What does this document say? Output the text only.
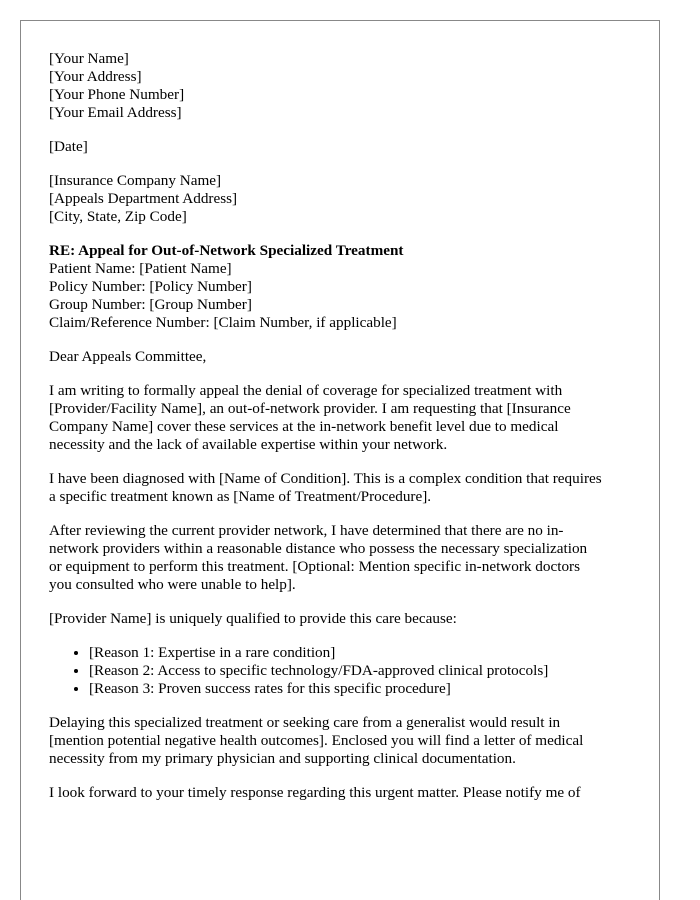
[Your Name]
[Your Address]
[Your Phone Number]
[Your Email Address]
[Date]
[Insurance Company Name]
[Appeals Department Address]
[City, State, Zip Code]
RE: Appeal for Out-of-Network Specialized Treatment
Patient Name: [Patient Name]
Policy Number: [Policy Number]
Group Number: [Group Number]
Claim/Reference Number: [Claim Number, if applicable]
Dear Appeals Committee,
I am writing to formally appeal the denial of coverage for specialized treatment with
[Provider/Facility Name], an out-of-network provider. I am requesting that [Insurance
Company Name] cover these services at the in-network benefit level due to medical
necessity and the lack of available expertise within your network.
I have been diagnosed with [Name of Condition]. This is a complex condition that requires
a specific treatment known as [Name of Treatment/Procedure].
After reviewing the current provider network, I have determined that there are no in-
network providers within a reasonable distance who possess the necessary specialization
or equipment to perform this treatment. [Optional: Mention specific in-network doctors
you consulted who were unable to help].
[Provider Name] is uniquely qualified to provide this care because:
• [Reason 1: Expertise in a rare condition]
• [Reason 2: Access to specific technology/FDA-approved clinical protocols]
• [Reason 3: Proven success rates for this specific procedure]
Delaying this specialized treatment or seeking care from a generalist would result in
[mention potential negative health outcomes]. Enclosed you will find a letter of medical
necessity from my primary physician and supporting clinical documentation.
I look forward to your timely response regarding this urgent matter. Please notify me of
